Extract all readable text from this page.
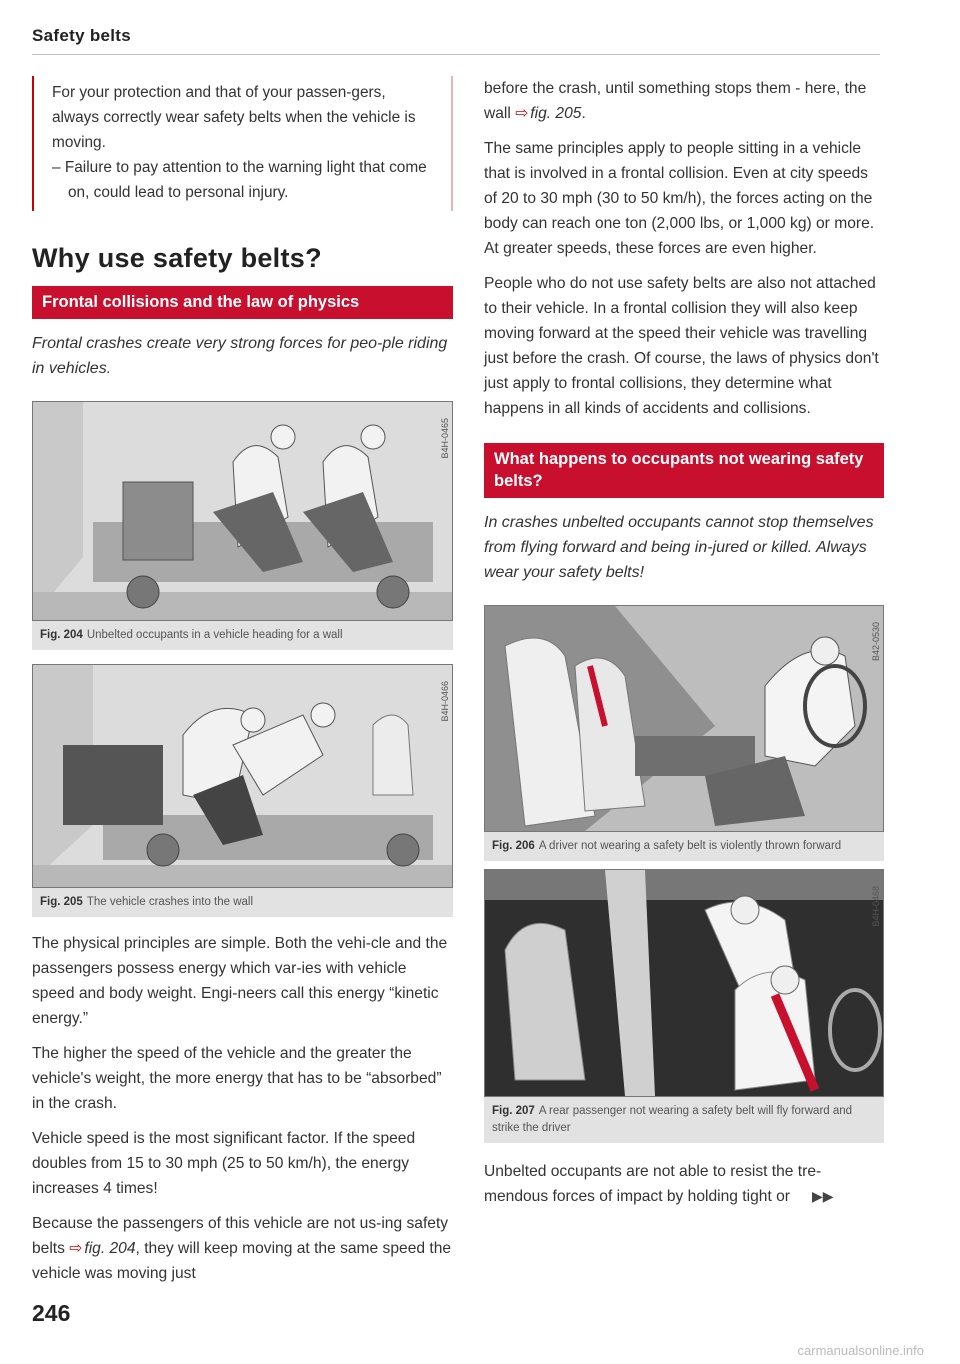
Safety belts
For your protection and that of your passen-gers, always correctly wear safety belts when the vehicle is moving.
– Failure to pay attention to the warning light that come on, could lead to personal injury.
Why use safety belts?
Frontal collisions and the law of physics
Frontal crashes create very strong forces for peo-ple riding in vehicles.
B4H-0465
Fig. 204 Unbelted occupants in a vehicle heading for a wall
B4H-0466
Fig. 205 The vehicle crashes into the wall

The physical principles are simple. Both the vehi-cle and the passengers possess energy which var-ies with vehicle speed and body weight. Engi-neers call this energy “kinetic energy.”

The higher the speed of the vehicle and the greater the vehicle's weight, the more energy that has to be “absorbed” in the crash.

Vehicle speed is the most significant factor. If the speed doubles from 15 to 30 mph (25 to 50 km/h), the energy increases 4 times!

Because the passengers of this vehicle are not us-ing safety belts ⇨ fig. 204, they will keep moving at the same speed the vehicle was moving just

before the crash, until something stops them - here, the wall ⇨ fig. 205.

The same principles apply to people sitting in a vehicle that is involved in a frontal collision. Even at city speeds of 20 to 30 mph (30 to 50 km/h), the forces acting on the body can reach one ton (2,000 lbs, or 1,000 kg) or more. At greater speeds, these forces are even higher.

People who do not use safety belts are also not attached to their vehicle. In a frontal collision they will also keep moving forward at the speed their vehicle was travelling just before the crash. Of course, the laws of physics don't just apply to frontal collisions, they determine what happens in all kinds of accidents and collisions.

What happens to occupants not wearing safety belts?
In crashes unbelted occupants cannot stop themselves from flying forward and being in-jured or killed. Always wear your safety belts!
B42-0530
Fig. 206 A driver not wearing a safety belt is violently thrown forward
B4H-0468
Fig. 207 A rear passenger not wearing a safety belt will fly forward and strike the driver

Unbelted occupants are not able to resist the tre-mendous forces of impact by holding tight or ▶▶

246
carmanualsonline.info
